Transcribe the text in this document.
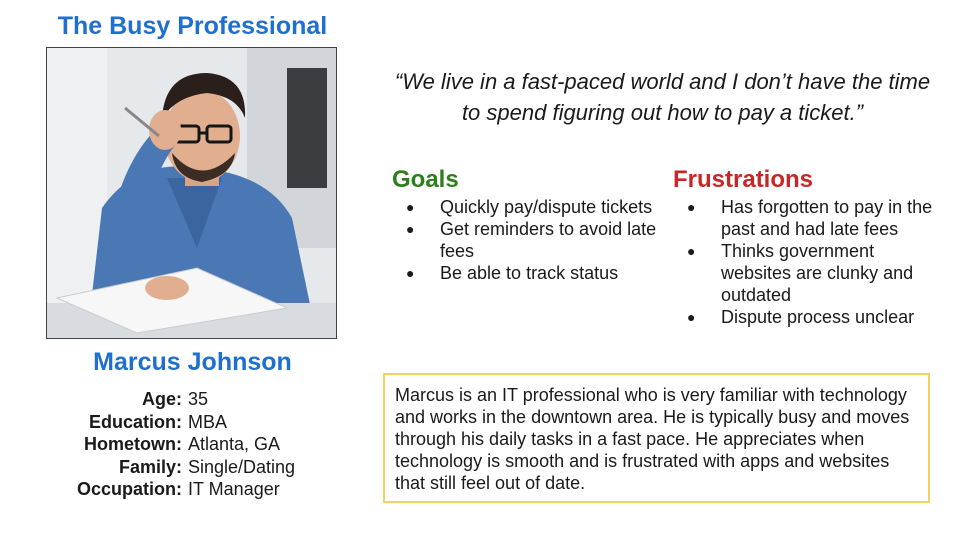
The Busy Professional
Marcus Johnson
Age: 35
Education: MBA
Hometown: Atlanta, GA
Family: Single/Dating
Occupation: IT Manager
“We live in a fast-paced world and I don’t have the time to spend figuring out how to pay a ticket.”
Goals
● Quickly pay/dispute tickets
● Get reminders to avoid late fees
● Be able to track status
Frustrations
● Has forgotten to pay in the past and had late fees
● Thinks government websites are clunky and outdated
● Dispute process unclear
Marcus is an IT professional who is very familiar with technology and works in the downtown area. He is typically busy and moves through his daily tasks in a fast pace. He appreciates when technology is smooth and is frustrated with apps and websites that still feel out of date.
